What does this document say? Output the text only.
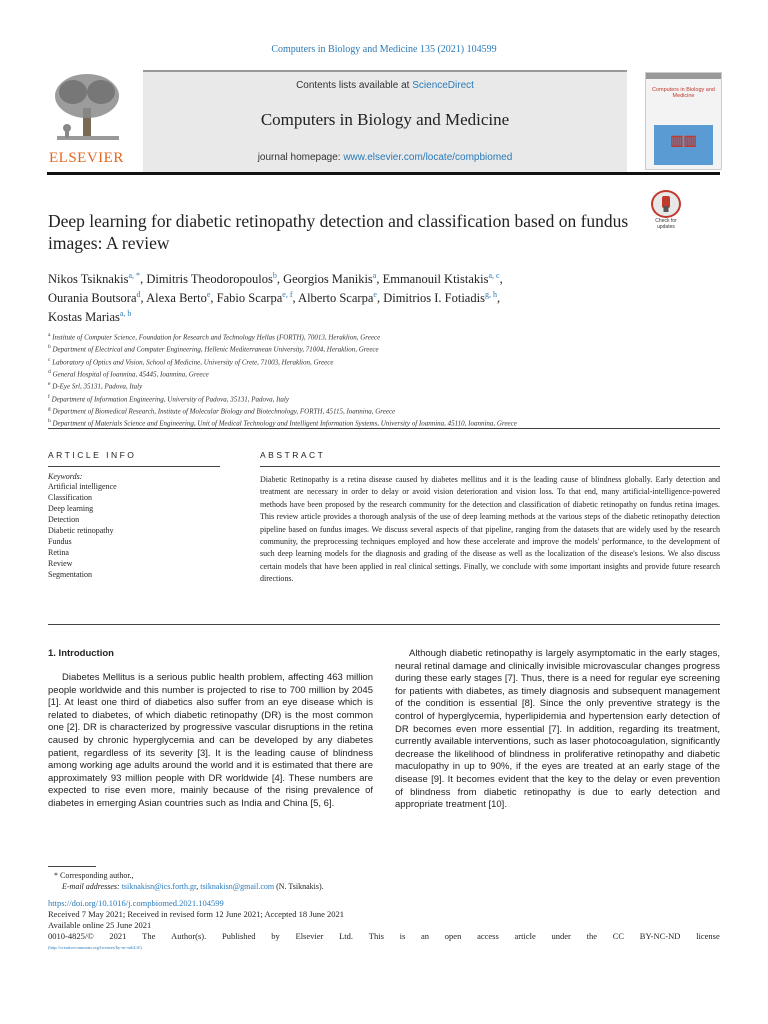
Computers in Biology and Medicine 135 (2021) 104599
ELSEVIER
Contents lists available at ScienceDirect
Computers in Biology and Medicine
journal homepage: www.elsevier.com/locate/compbiomed
Computers in Biology and Medicine
▥▥
Deep learning for diabetic retinopathy detection and classification based on fundus images: A review
Check for updates
Nikos Tsiknakis$^{a, *}$, Dimitris Theodoropoulos$^b$, Georgios Manikis$^a$, Emmanouil Ktistakis$^{a, c}$,
Ourania Boutsora$^d$, Alexa Berto$^e$, Fabio Scarpa$^{e, f}$, Alberto Scarpa$^e$, Dimitrios I. Fotiadis$^{g, h}$,
Kostas Marias$^{a, b}$
$^a$ Institute of Computer Science, Foundation for Research and Technology Hellas (FORTH), 70013, Heraklion, Greece
$^b$ Department of Electrical and Computer Engineering, Hellenic Mediterranean University, 71004, Heraklion, Greece
$^c$ Laboratory of Optics and Vision, School of Medicine, University of Crete, 71003, Heraklion, Greece
$^d$ General Hospital of Ioannina, 45445, Ioannina, Greece
$^e$ D-Eye Srl, 35131, Padova, Italy
$^f$ Department of Information Engineering, University of Padova, 35131, Padova, Italy
$^g$ Department of Biomedical Research, Institute of Molecular Biology and Biotechnology, FORTH, 45115, Ioannina, Greece
$^h$ Department of Materials Science and Engineering, Unit of Medical Technology and Intelligent Information Systems, University of Ioannina, 45110, Ioannina, Greece
ARTICLE INFO
Keywords:
Artificial intelligence
Classification
Deep learning
Detection
Diabetic retinopathy
Fundus
Retina
Review
Segmentation
ABSTRACT
Diabetic Retinopathy is a retina disease caused by diabetes mellitus and it is the leading cause of blindness globally. Early detection and treatment are necessary in order to delay or avoid vision deterioration and vision loss. To that end, many artificial-intelligence-powered methods have been proposed by the research community for the detection and classification of diabetic retinopathy on fundus retina images. This review article provides a thorough analysis of the use of deep learning methods at the various steps of the diabetic retinopathy detection pipeline based on fundus images. We discuss several aspects of that pipeline, ranging from the datasets that are widely used by the research community, the preprocessing techniques employed and how these accelerate and improve the models' performance, to the development of such deep learning models for the diagnosis and grading of the disease as well as the localization of the disease's lesions. We also discuss certain models that have been applied in real clinical settings. Finally, we conclude with some important insights and provide future research directions.
1. Introduction

Diabetes Mellitus is a serious public health problem, affecting 463 million people worldwide and this number is projected to rise to 700 million by 2045 [1]. At least one third of diabetics also suffer from an eye disease which is related to diabetes, of which diabetic retinopathy (DR) is the most common one [2]. DR is characterized by progressive vascular disruptions in the retina caused by chronic hyperglycemia and can be developed by any diabetes patient, regardless of its severity [3]. It is the leading cause of blindness among working age adults around the world and it is estimated that there are approximately 93 million people with DR worldwide [4]. These numbers are expected to rise even more, mainly because of the rising prevalence of diabetes in emerging Asian countries such as India and China [5, 6].

Although diabetic retinopathy is largely asymptomatic in the early stages, neural retinal damage and clinically invisible microvascular changes progress during these early stages [7]. Thus, there is a need for regular eye screening for patients with diabetes, as timely diagnosis and subsequent management of the condition is essential [8]. Since the only preventive strategy is the control of hyperglycemia, hyperlipidemia and hypertension early detection of DR becomes even more essential [7]. In addition, regarding its treatment, currently available interventions, such as laser photocoagulation, significantly decrease the likelihood of blindness in proliferative retinopathy and diabetic maculopathy in up to 90%, if the eyes are treated at an early stage of the disease [9]. It becomes evident that the key to the delay or even prevention of blindness from diabetic retinopathy is due to early detection and appropriate treatment [10].

* Corresponding author.,
E-mail addresses: tsiknakisn@ics.forth.gr, tsiknakisn@gmail.com (N. Tsiknakis).
https://doi.org/10.1016/j.compbiomed.2021.104599
Received 7 May 2021; Received in revised form 12 June 2021; Accepted 18 June 2021
Available online 25 June 2021
0010-4825/© 2021 The Author(s). Published by Elsevier Ltd. This is an open access article under the CC BY-NC-ND license
(http://creativecommons.org/licenses/by-nc-nd/4.0/).
